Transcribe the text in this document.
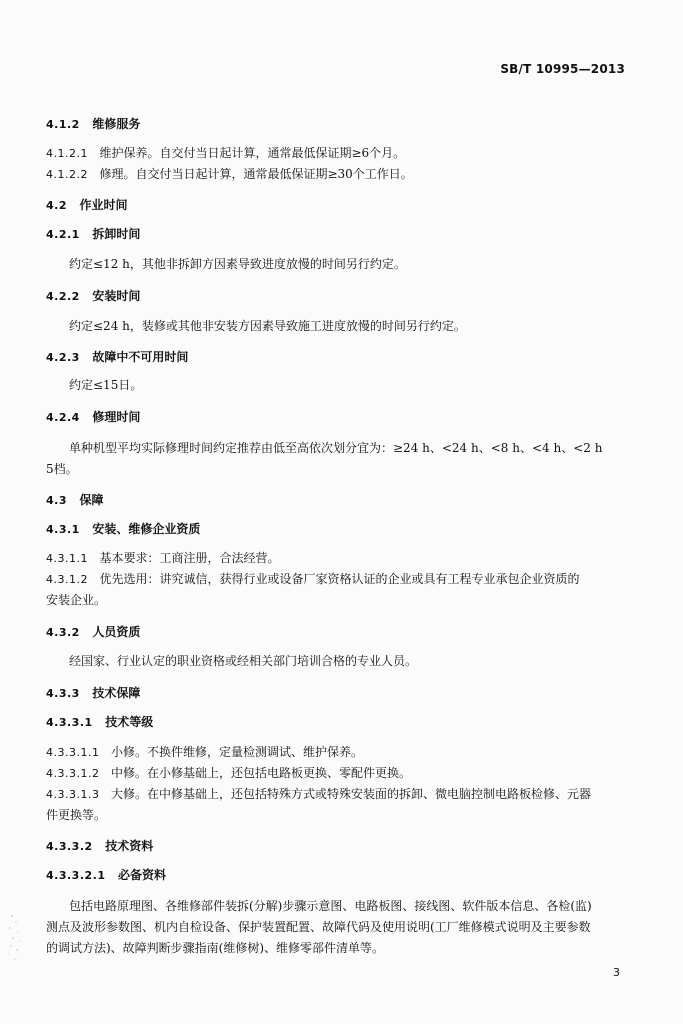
SB/T 10995—2013
4.1.2 维修服务
4.1.2.1 维护保养。自交付当日起计算，通常最低保证期≥6个月。
4.1.2.2 修理。自交付当日起计算，通常最低保证期≥30个工作日。
4.2 作业时间
4.2.1 拆卸时间
约定≤12 h，其他非拆卸方因素导致进度放慢的时间另行约定。
4.2.2 安装时间
约定≤24 h，装修或其他非安装方因素导致施工进度放慢的时间另行约定。
4.2.3 故障中不可用时间
约定≤15日。
4.2.4 修理时间
单种机型平均实际修理时间约定推荐由低至高依次划分宜为：≥24 h、<24 h、<8 h、<4 h、<2 h
5档。
4.3 保障
4.3.1 安装、维修企业资质
4.3.1.1 基本要求：工商注册，合法经营。
4.3.1.2 优先选用：讲究诚信，获得行业或设备厂家资格认证的企业或具有工程专业承包企业资质的
安装企业。
4.3.2 人员资质
经国家、行业认定的职业资格或经相关部门培训合格的专业人员。
4.3.3 技术保障
4.3.3.1 技术等级
4.3.3.1.1 小修。不换件维修，定量检测调试、维护保养。
4.3.3.1.2 中修。在小修基础上，还包括电路板更换、零配件更换。
4.3.3.1.3 大修。在中修基础上，还包括特殊方式或特殊安装面的拆卸、微电脑控制电路板检修、元器
件更换等。
4.3.3.2 技术资料
4.3.3.2.1 必备资料
包括电路原理图、各维修部件装拆(分解)步骤示意图、电路板图、接线图、软件版本信息、各检(监)
测点及波形参数图、机内自检设备、保护装置配置、故障代码及使用说明(工厂维修模式说明及主要参数
的调试方法)、故障判断步骤指南(维修树)、维修零部件清单等。
3
